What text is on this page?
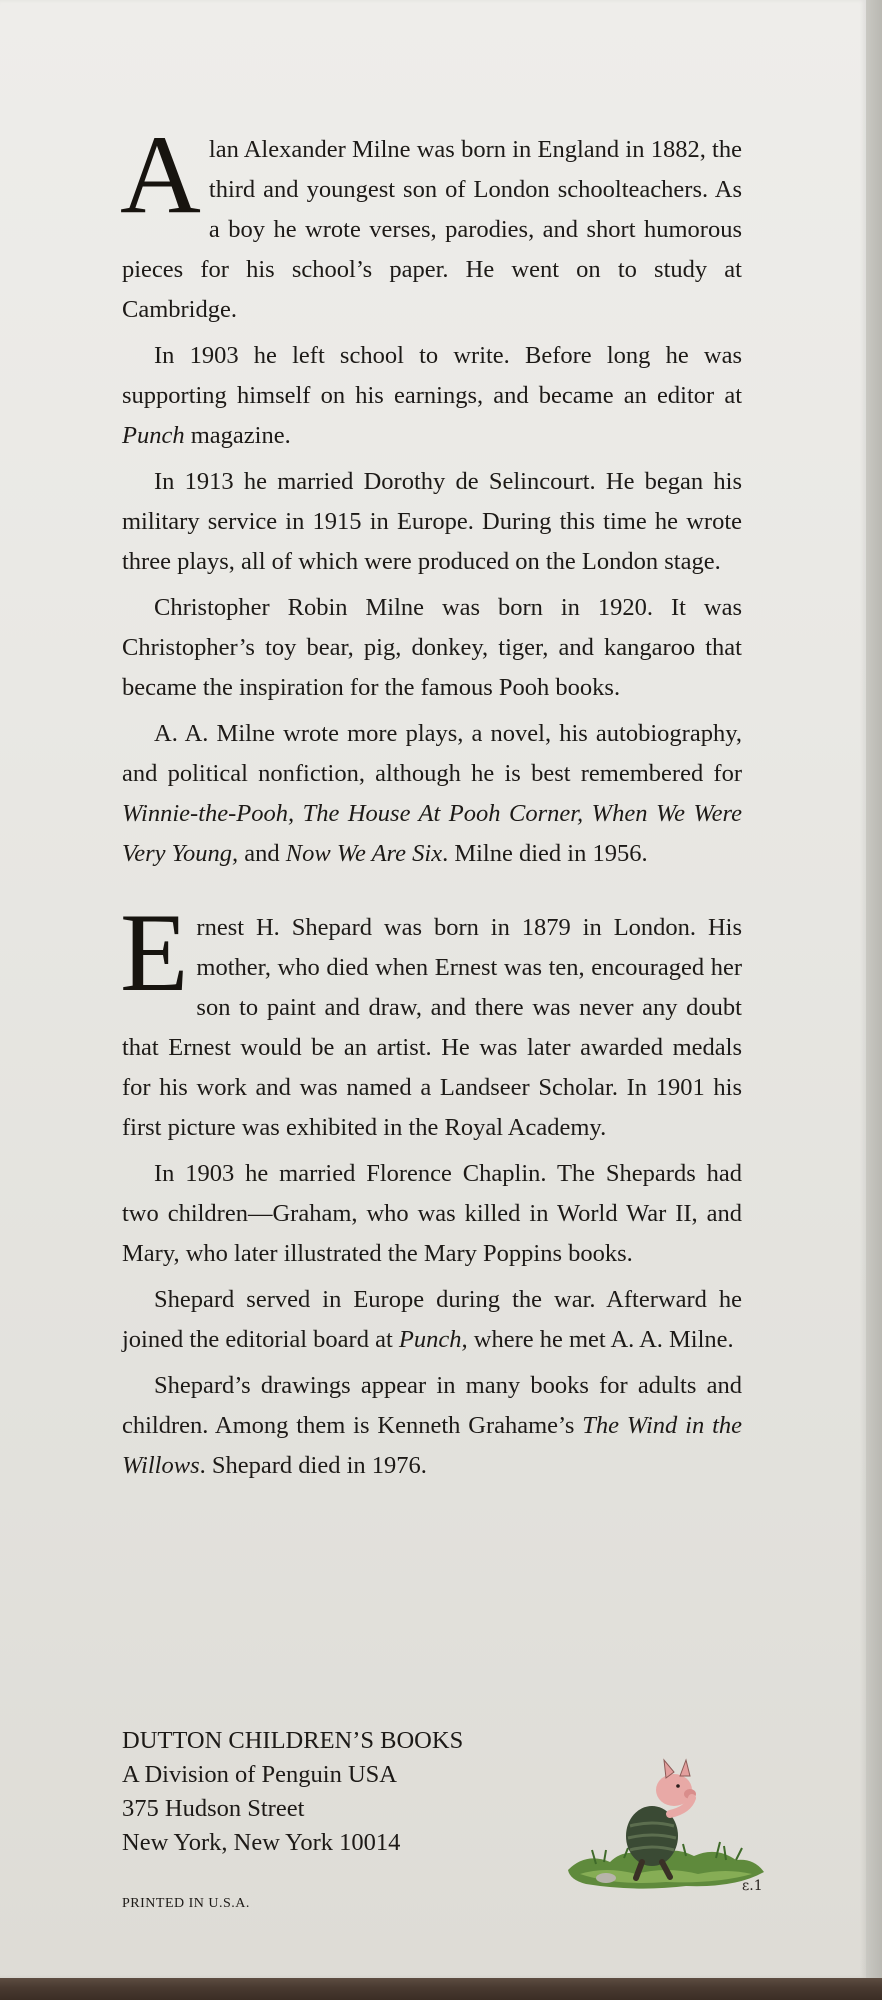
Alan Alexander Milne was born in England in 1882, the third and youngest son of London schoolteachers. As a boy he wrote verses, parodies, and short humorous pieces for his school’s paper. He went on to study at Cambridge.

In 1903 he left school to write. Before long he was supporting himself on his earnings, and became an editor at Punch magazine.

In 1913 he married Dorothy de Selincourt. He began his military service in 1915 in Europe. During this time he wrote three plays, all of which were produced on the London stage.

Christopher Robin Milne was born in 1920. It was Christopher’s toy bear, pig, donkey, tiger, and kangaroo that became the inspiration for the famous Pooh books.

A. A. Milne wrote more plays, a novel, his autobiography, and political nonfiction, although he is best remembered for Winnie-the-Pooh, The House At Pooh Corner, When We Were Very Young, and Now We Are Six. Milne died in 1956.

Ernest H. Shepard was born in 1879 in London. His mother, who died when Ernest was ten, encouraged her son to paint and draw, and there was never any doubt that Ernest would be an artist. He was later awarded medals for his work and was named a Landseer Scholar. In 1901 his first picture was exhibited in the Royal Academy.

In 1903 he married Florence Chaplin. The Shepards had two children—Graham, who was killed in World War II, and Mary, who later illustrated the Mary Poppins books.

Shepard served in Europe during the war. Afterward he joined the editorial board at Punch, where he met A. A. Milne.

Shepard’s drawings appear in many books for adults and children. Among them is Kenneth Grahame’s The Wind in the Willows. Shepard died in 1976.

DUTTON CHILDREN’S BOOKS
A Division of Penguin USA
375 Hudson Street
New York, New York 10014
ε.1
PRINTED IN U.S.A.
